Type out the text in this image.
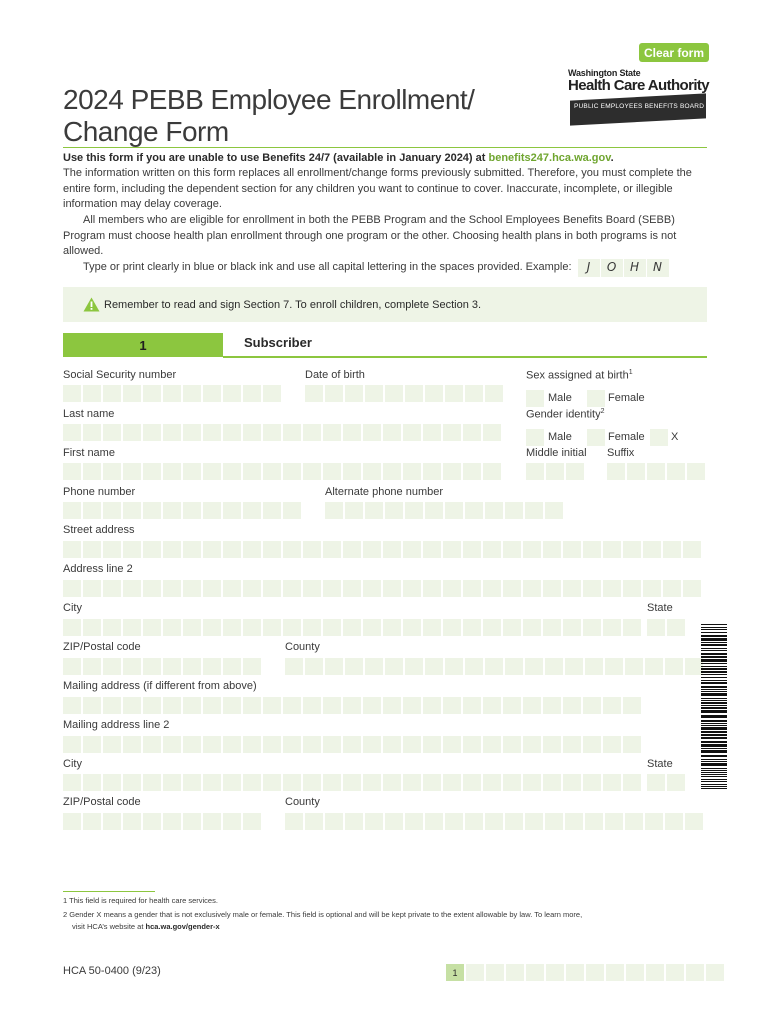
Clear form
2024 PEBB Employee Enrollment/
Change Form
Washington State
Health Care Authority
PUBLIC EMPLOYEES BENEFITS BOARD

Use this form if you are unable to use Benefits 24/7 (available in January 2024) at benefits247.hca.wa.gov.

The information written on this form replaces all enrollment/change forms previously submitted. Therefore, you must complete the entire form, including the dependent section for any children you want to continue to cover. Inaccurate, incomplete, or illegible information may delay coverage.

All members who are eligible for enrollment in both the PEBB Program and the School Employees Benefits Board (SEBB) Program must choose health plan enrollment through one program or the other. Choosing health plans in both programs is not allowed.

Type or print clearly in blue or black ink and use all capital lettering in the spaces provided. Example:	J	O	H	N

Remember to read and sign Section 7. To enroll children, complete Section 3.
1	Subscriber
Social Security number	Date of birth	Sex assigned at birth$^1$
Male	Female
Last name	Gender identity$^2$
Male	Female X
First name	Middle initial Suffix
Phone number	Alternate phone number
Street address
Address line 2
City	State
ZIP/Postal code	County
Mailing address (if different from above)
Mailing address line 2
City	State
ZIP/Postal code	County

1 This field is required for health care services.

2 Gender X means a gender that is not exclusively male or female. This field is optional and will be kept private to the extent allowable by law. To learn more,
visit HCA’s website at hca.wa.gov/gender-x

HCA 50-0400 (9/23)	1
